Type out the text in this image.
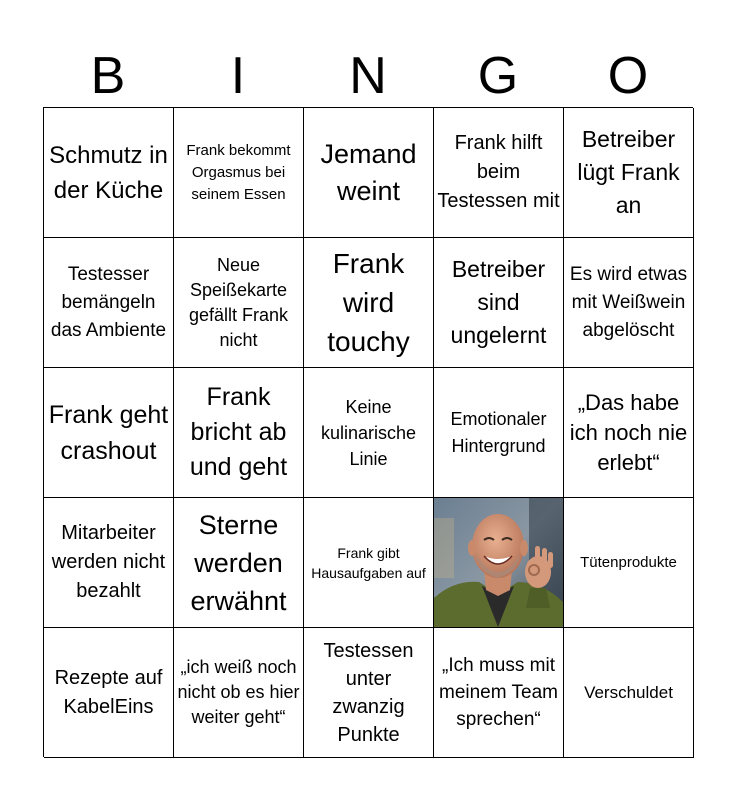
B	I	N	G	O
Schmutz in der Küche
Frank bekommt Orgasmus bei seinem Essen
Jemand weint
Frank hilft beim Testessen mit
Betreiber lügt Frank an
Testesser bemängeln das Ambiente
Neue Speißekarte gefällt Frank nicht
Frank wird touchy
Betreiber sind ungelernt
Es wird etwas mit Weißwein abgelöscht
Frank geht crashout
Frank bricht ab und geht
Keine kulinarische Linie
Emotionaler Hintergrund
„Das habe ich noch nie erlebt“
Mitarbeiter werden nicht bezahlt
Sterne werden erwähnt
Frank gibt Hausaufgaben auf
Tütenprodukte
Rezepte auf KabelEins
„ich weiß noch nicht ob es hier weiter geht“
Testessen unter zwanzig Punkte
„Ich muss mit meinem Team sprechen“
Verschuldet
